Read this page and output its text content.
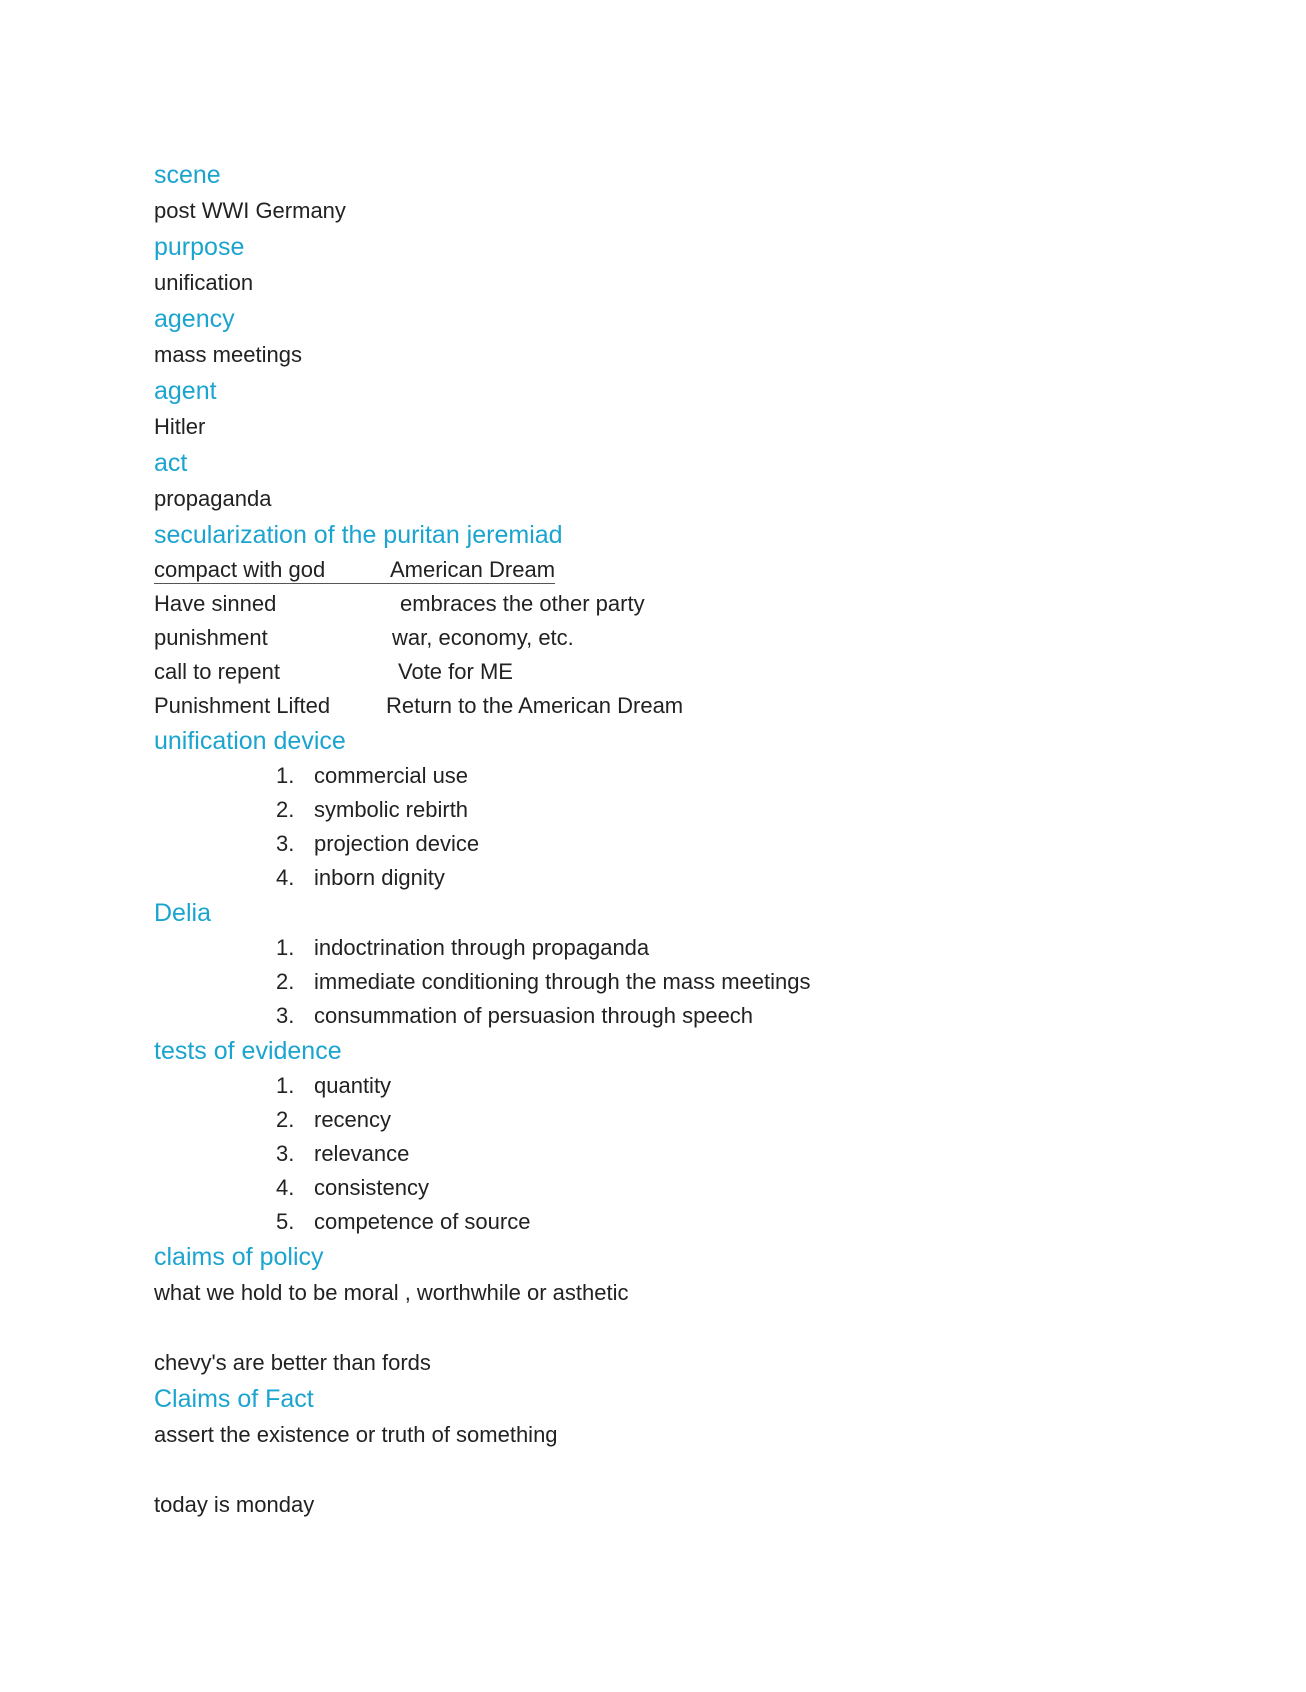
scene
post WWI Germany
purpose
unification
agency
mass meetings
agent
Hitler
act
propaganda
secularization of the puritan jeremiad
compact with god	American Dream
Have sinned	embraces the other party
punishment	war, economy, etc.
call to repent	Vote for ME
Punishment Lifted	Return to the American Dream
unification device
1. commercial use
2. symbolic rebirth
3. projection device
4. inborn dignity
Delia
1. indoctrination through propaganda
2. immediate conditioning through the mass meetings
3. consummation of persuasion through speech
tests of evidence
1. quantity
2. recency
3. relevance
4. consistency
5. competence of source
claims of policy
what we hold to be moral , worthwhile or asthetic
chevy's are better than fords
Claims of Fact
assert the existence or truth of something
today is monday
